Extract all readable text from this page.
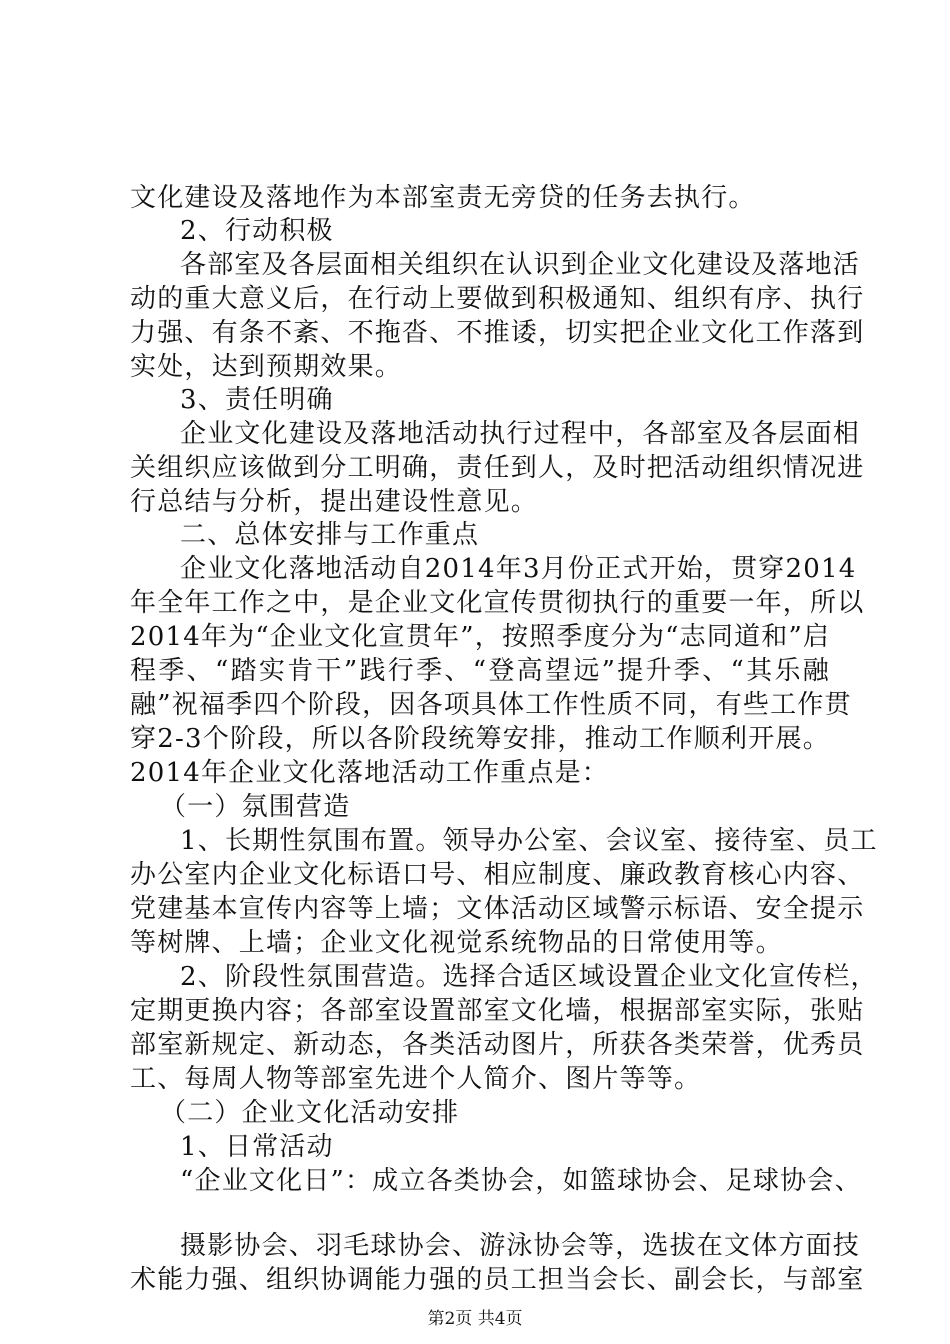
文化建设及落地作为本部室责无旁贷的任务去执行。
2、行动积极
各部室及各层面相关组织在认识到企业文化建设及落地活
动的重大意义后，在行动上要做到积极通知、组织有序、执行
力强、有条不紊、不拖沓、不推诿，切实把企业文化工作落到
实处，达到预期效果。
3、责任明确
企业文化建设及落地活动执行过程中，各部室及各层面相
关组织应该做到分工明确，责任到人，及时把活动组织情况进
行总结与分析，提出建设性意见。
二、总体安排与工作重点
企业文化落地活动自2014年3月份正式开始，贯穿2014
年全年工作之中，是企业文化宣传贯彻执行的重要一年，所以
2014年为“企业文化宣贯年”，按照季度分为“志同道和”启
程季、“踏实肯干”践行季、“登高望远”提升季、“其乐融
融”祝福季四个阶段，因各项具体工作性质不同，有些工作贯
穿2-3个阶段，所以各阶段统筹安排，推动工作顺利开展。
2014年企业文化落地活动工作重点是：
（一）氛围营造
1、长期性氛围布置。领导办公室、会议室、接待室、员工
办公室内企业文化标语口号、相应制度、廉政教育核心内容、
党建基本宣传内容等上墙；文体活动区域警示标语、安全提示
等树牌、上墙；企业文化视觉系统物品的日常使用等。
2、阶段性氛围营造。选择合适区域设置企业文化宣传栏，
定期更换内容；各部室设置部室文化墙，根据部室实际，张贴
部室新规定、新动态，各类活动图片，所获各类荣誉，优秀员
工、每周人物等部室先进个人简介、图片等等。
（二）企业文化活动安排
1、日常活动
“企业文化日”：成立各类协会，如篮球协会、足球协会、
摄影协会、羽毛球协会、游泳协会等，选拔在文体方面技
术能力强、组织协调能力强的员工担当会长、副会长，与部室
第2页 共4页
